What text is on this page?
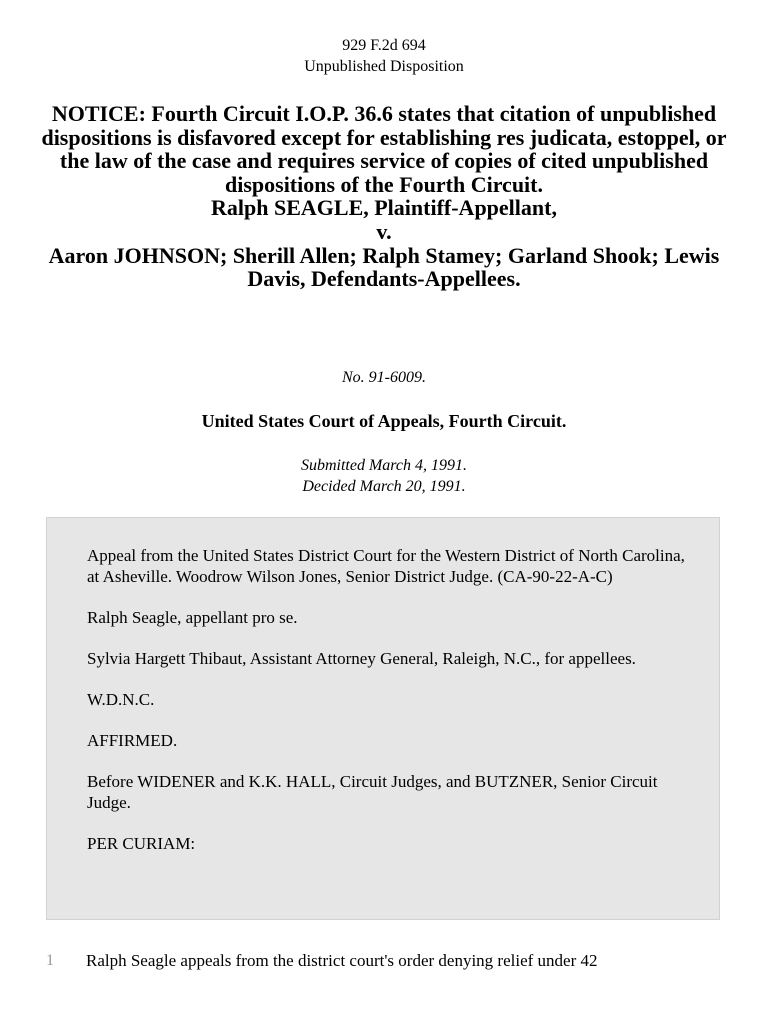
929 F.2d 694
Unpublished Disposition
NOTICE: Fourth Circuit I.O.P. 36.6 states that citation of unpublished dispositions is disfavored except for establishing res judicata, estoppel, or the law of the case and requires service of copies of cited unpublished dispositions of the Fourth Circuit.
Ralph SEAGLE, Plaintiff-Appellant,
v.
Aaron JOHNSON; Sherill Allen; Ralph Stamey; Garland Shook; Lewis Davis, Defendants-Appellees.
No. 91-6009.
United States Court of Appeals, Fourth Circuit.
Submitted March 4, 1991.
Decided March 20, 1991.

Appeal from the United States District Court for the Western District of North Carolina, at Asheville. Woodrow Wilson Jones, Senior District Judge. (CA-90-22-A-C)

Ralph Seagle, appellant pro se.

Sylvia Hargett Thibaut, Assistant Attorney General, Raleigh, N.C., for appellees.

W.D.N.C.

AFFIRMED.

Before WIDENER and K.K. HALL, Circuit Judges, and BUTZNER, Senior Circuit Judge.

PER CURIAM:

1 Ralph Seagle appeals from the district court's order denying relief under 42
